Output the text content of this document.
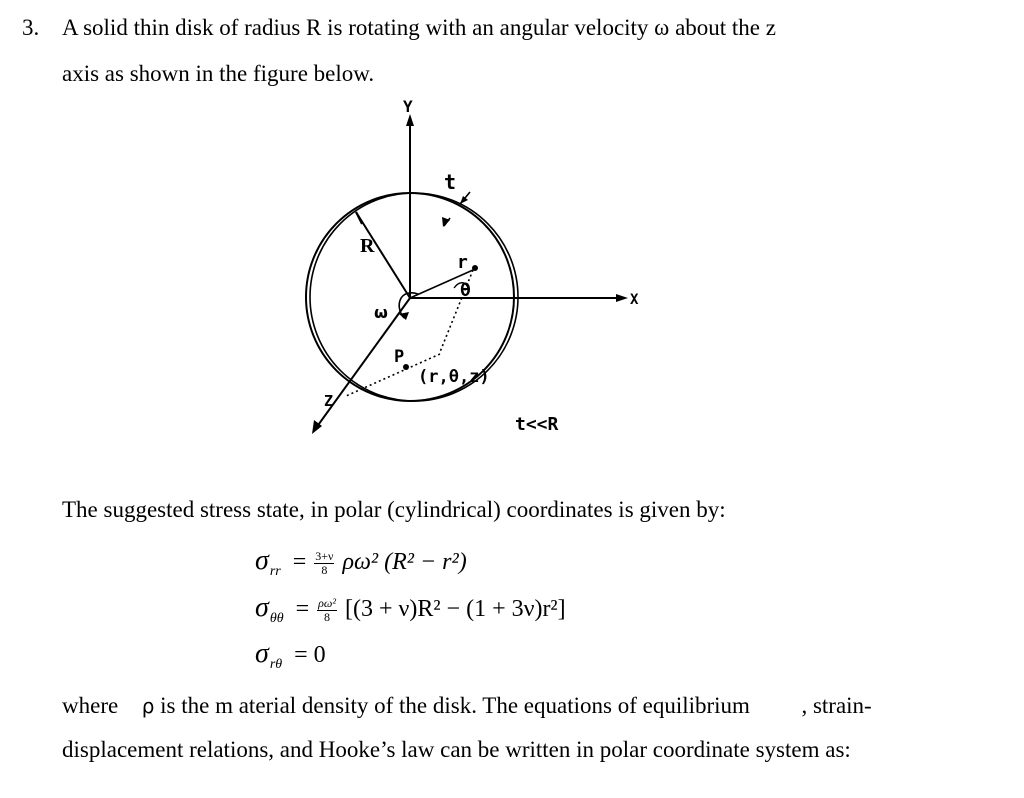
3. A solid thin disk of radius R is rotating with an angular velocity ω about the z
axis as shown in the figure below.
Y
X
Z
R
ω
t
r
θ
P
(r,θ,z)
t<<R
The suggested stress state, in polar (cylindrical) coordinates is given by:
$\sigma_{rr} = \frac{3+\nu}{8} \rho\omega^2$ (R² − r²)
$\sigma_{\theta\theta} = \frac{\text{ρω²}}{8} [(3 + \nu)R^2 - (1 + 3\nu)r^2]$
$\sigma_{r\theta} = 0$
where ρ is the m aterial density of the disk. The equations of equilibrium , strain-
displacement relations, and Hooke’s law can be written in polar coordinate system as:
